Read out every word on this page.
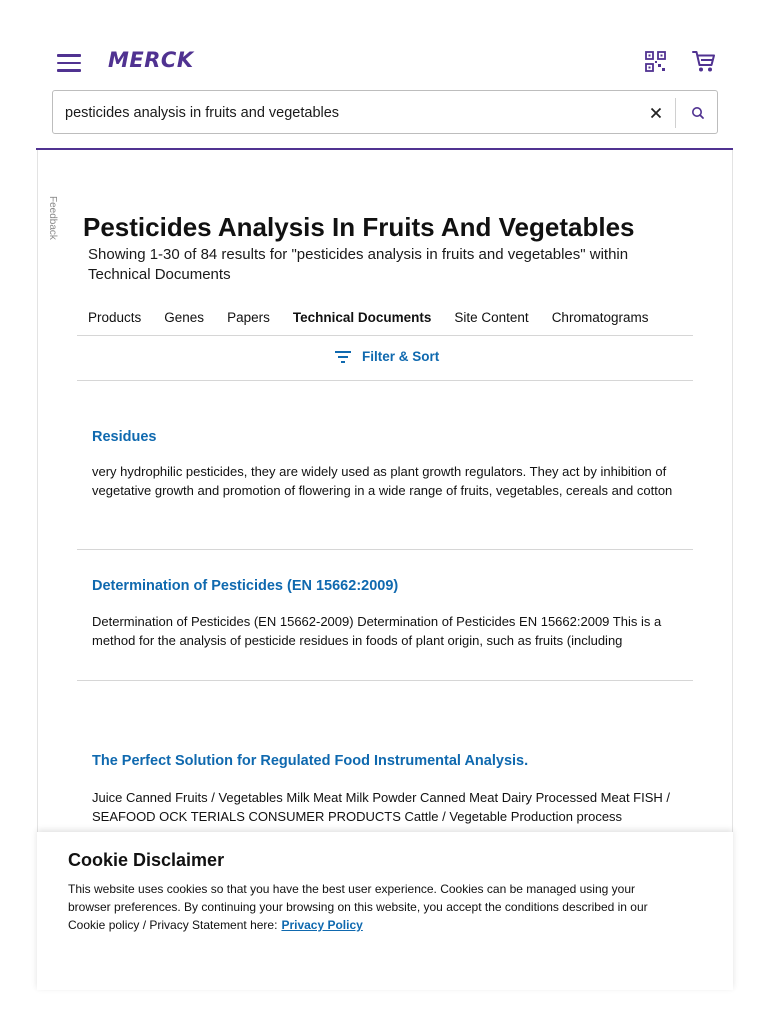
MERCK
pesticides analysis in fruits and vegetables
Feedback Pesticides Analysis In Fruits And Vegetables
Showing 1-30 of 84 results for "pesticides analysis in fruits and vegetables" within Technical Documents
Products Genes Papers Technical Documents Site Content Chromatograms
Filter & Sort
Residues

very hydrophilic pesticides, they are widely used as plant growth regulators. They act by inhibition of vegetative growth and promotion of flowering in a wide range of fruits, vegetables, cereals and cotton

Determination of Pesticides (EN 15662:2009)

Determination of Pesticides (EN 15662-2009) Determination of Pesticides EN 15662:2009 This is a method for the analysis of pesticide residues in foods of plant origin, such as fruits (including

The Perfect Solution for Regulated Food Instrumental Analysis.

Juice Canned Fruits / Vegetables Milk Meat Milk Powder Canned Meat Dairy Processed Meat FISH / SEAFOOD OCK TERIALS CONSUMER PRODUCTS Cattle / Vegetable Production process

Cookie Disclaimer
This website uses cookies so that you have the best user experience. Cookies can be managed using your browser preferences. By continuing your browsing on this website, you accept the conditions described in our Cookie policy / Privacy Statement here: Privacy Policy
